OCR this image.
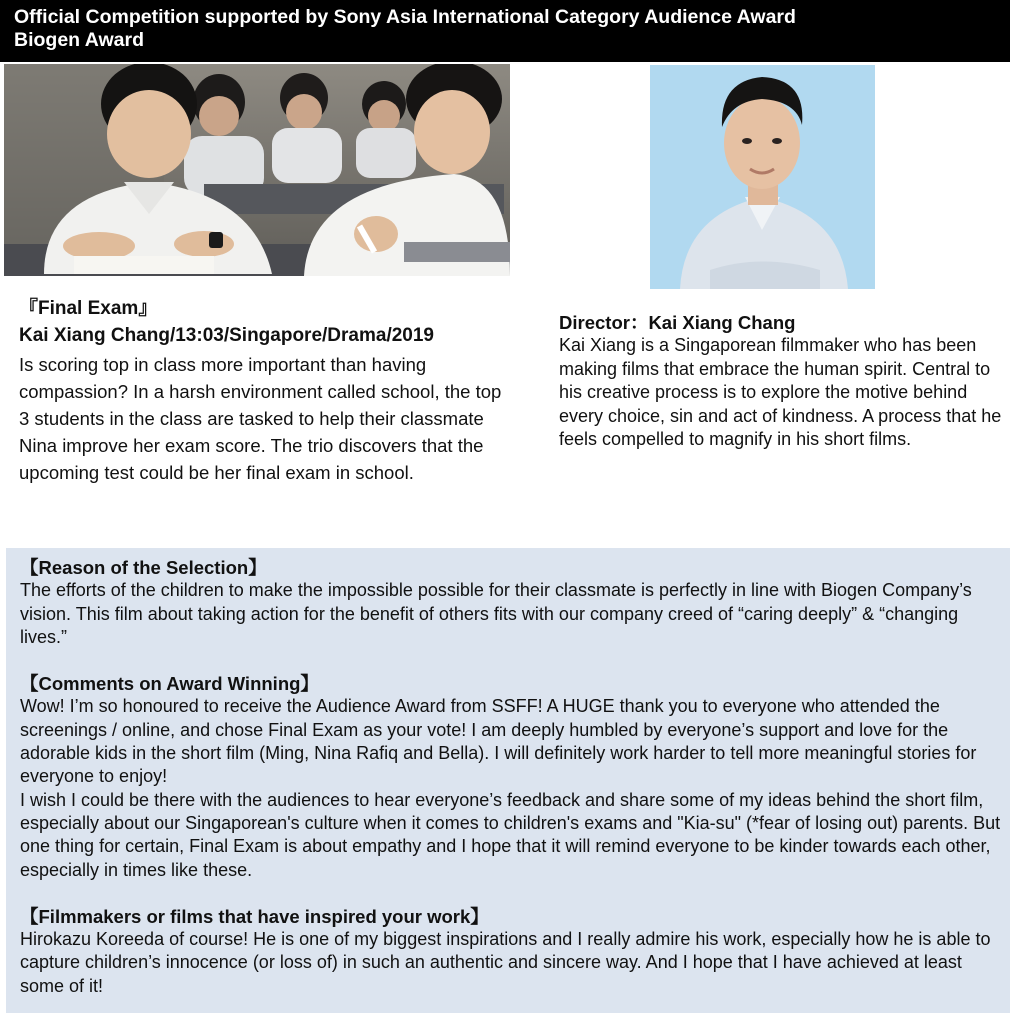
Official Competition supported by Sony Asia International Category Audience Award
Biogen Award
『Final Exam』
Kai Xiang Chang/13:03/Singapore/Drama/2019
Is scoring top in class more important than having compassion? In a harsh environment called school, the top 3 students in the class are tasked to help their classmate Nina improve her exam score. The trio discovers that the upcoming test could be her final exam in school.
Director：Kai Xiang Chang
Kai Xiang is a Singaporean filmmaker who has been making films that embrace the human spirit. Central to his creative process is to explore the motive behind every choice, sin and act of kindness. A process that he feels compelled to magnify in his short films.
【Reason of the Selection】
The efforts of the children to make the impossible possible for their classmate is perfectly in line with Biogen Company’s vision. This film about taking action for the benefit of others fits with our company creed of “caring deeply” & “changing lives.”
【Comments on Award Winning】
Wow! I’m so honoured to receive the Audience Award from SSFF! A HUGE thank you to everyone who attended the screenings / online, and chose Final Exam as your vote! I am deeply humbled by everyone’s support and love for the adorable kids in the short film (Ming, Nina Rafiq and Bella). I will definitely work harder to tell more meaningful stories for everyone to enjoy!
I wish I could be there with the audiences to hear everyone’s feedback and share some of my ideas behind the short film, especially about our Singaporean's culture when it comes to children's exams and "Kia-su" (*fear of losing out) parents. But one thing for certain, Final Exam is about empathy and I hope that it will remind everyone to be kinder towards each other, especially in times like these.
【Filmmakers or films that have inspired your work】
Hirokazu Koreeda of course! He is one of my biggest inspirations and I really admire his work, especially how he is able to capture children’s innocence (or loss of) in such an authentic and sincere way. And I hope that I have achieved at least some of it!
